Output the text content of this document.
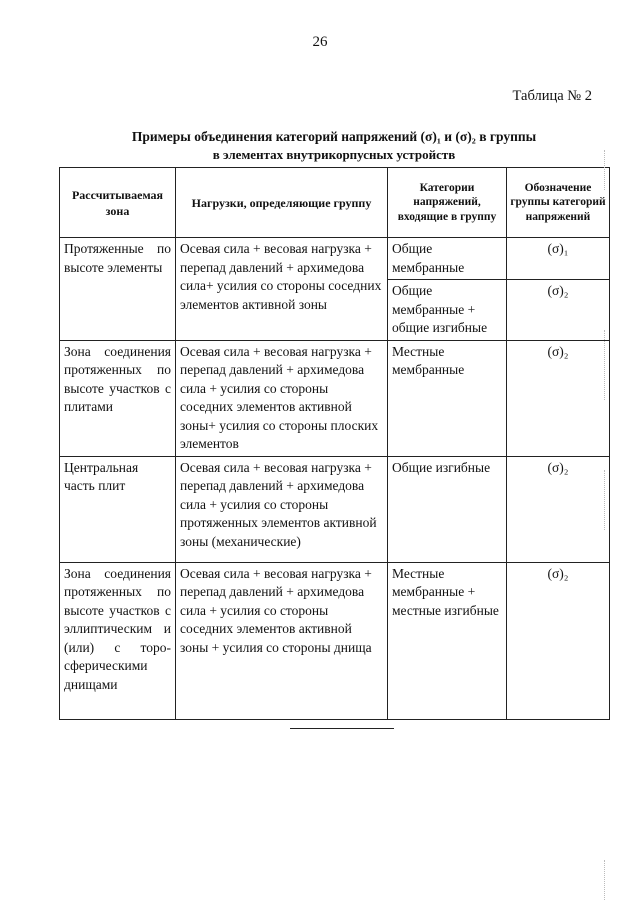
26
Таблица № 2
Примеры объединения категорий напряжений (σ)₁ и (σ)₂ в группы
в элементах внутрикорпусных устройств
Рассчитываемая зона	Нагрузки, определяющие группу	Категории напряжений, входящие в группу	Обозначение группы категорий напряжений
Протяженные по высоте элементы	Осевая сила + весовая нагрузка + перепад давлений + архимедова сила+ усилия со стороны соседних элементов активной зоны	Общие мембранные	(σ)₁
		Общие мембранные + общие изгибные	(σ)₂
Зона соединения протяженных по высоте участков с плитами	Осевая сила + весовая нагрузка + перепад давлений + архимедова сила + усилия со стороны соседних элементов активной зоны+ усилия со стороны плоских элементов	Местные мембранные	(σ)₂
Центральная часть плит	Осевая сила + весовая нагрузка + перепад давлений + архимедова сила + усилия со стороны протяженных элементов активной зоны (механические)	Общие изгибные	(σ)₂
Зона соединения протяженных по высоте участков с эллиптическим и (или) с торо-сферическими днищами	Осевая сила + весовая нагрузка + перепад давлений + архимедова сила + усилия со стороны соседних элементов активной зоны + усилия со стороны днища	Местные мембранные + местные изгибные	(σ)₂
